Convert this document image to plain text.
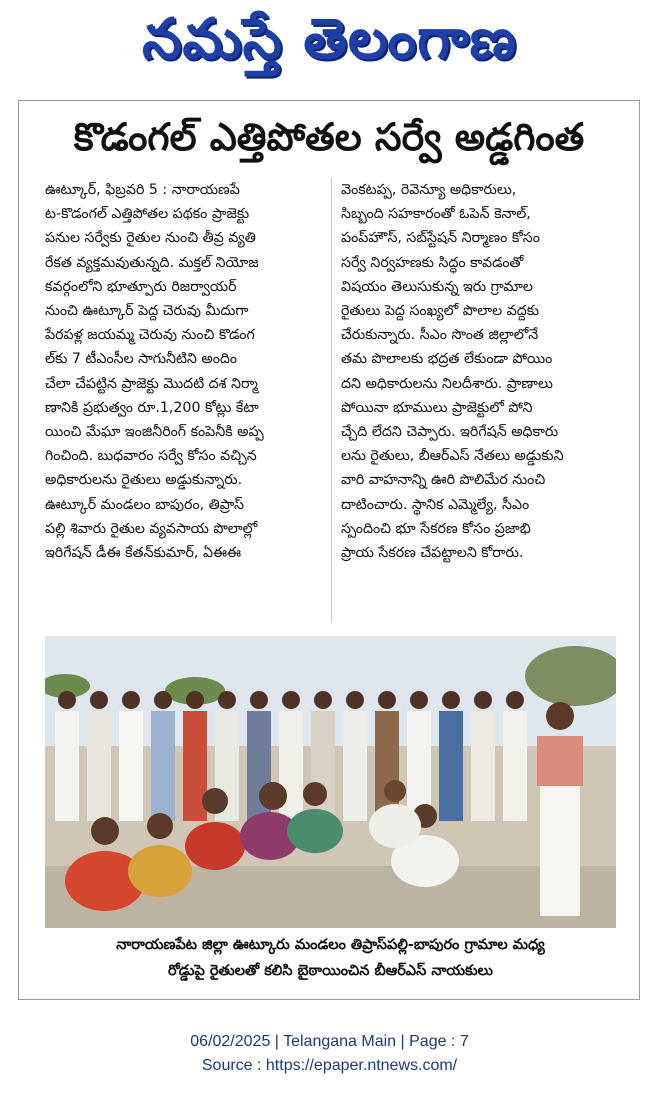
నమస్తే తెలంగాణ
కొడంగల్ ఎత్తిపోతల సర్వే అడ్డగింత
ఊట్కూర్, ఫిబ్రవరి 5 : నారాయణపే
ట-కొడంగల్ ఎత్తిపోతల పథకం ప్రాజెక్టు
పనుల సర్వేకు రైతుల నుంచి తీవ్ర వ్యతి
రేకత వ్యక్తమవుతున్నది. మక్తల్ నియోజ
కవర్గంలోని భూత్పూరు రిజర్వాయర్
నుంచి ఊట్కూర్ పెద్ద చెరువు మీదుగా
పేరపళ్ల జయమ్మ చెరువు నుంచి కొడంగ
ల్‌కు 7 టీఎంసీల సాగునీటిని అందిం
చేలా చేపట్టిన ప్రాజెక్టు మొదటి దశ నిర్మా
ణానికి ప్రభుత్వం రూ.1,200 కోట్లు కేటా
యించి మేఘా ఇంజినీరింగ్ కంపెనీకి అప్ప
గించింది. బుధవారం సర్వే కోసం వచ్చిన
అధికారులను రైతులు అడ్డుకున్నారు.
ఊట్కూర్ మండలం బాపురం, తిప్రాస్
పల్లి శివారు రైతుల వ్యవసాయ పొలాల్లో
ఇరిగేషన్ డీఈ కేతన్‌కుమార్, ఏఈఈ
వెంకటప్ప, రెవెన్యూ అధికారులు,
సిబ్బంది సహకారంతో ఓపెన్ కెనాల్,
పంప్‌హౌస్, సబ్‌స్టేషన్ నిర్మాణం కోసం
సర్వే నిర్వహణకు సిద్ధం కావడంతో
విషయం తెలుసుకున్న ఇరు గ్రామాల
రైతులు పెద్ద సంఖ్యలో పొలాల వద్దకు
చేరుకున్నారు. సీఎం సొంత జిల్లాలోనే
తమ పొలాలకు భద్రత లేకుండా పోయిం
దని అధికారులను నిలదీశారు. ప్రాణాలు
పోయినా భూములు ప్రాజెక్టులో పోని
చ్చేది లేదని చెప్పారు. ఇరిగేషన్ అధికారు
లను రైతులు, బీఆర్‌ఎస్ నేతలు అడ్డుకుని
వారి వాహనాన్ని ఊరి పొలిమేర నుంచి
దాటించారు. స్థానిక ఎమ్మెల్యే, సీఎం
స్పందించి భూ సేకరణ కోసం ప్రజాభి
ప్రాయ సేకరణ చేపట్టాలని కోరారు.
నారాయణపేట జిల్లా ఊట్కూరు మండలం తిప్రాస్‌పల్లి-బాపురం గ్రామాల మధ్య
రోడ్డుపై రైతులతో కలిసి బైఠాయించిన బీఆర్‌ఎస్ నాయకులు
06/02/2025 | Telangana Main | Page : 7
Source : https://epaper.ntnews.com/
